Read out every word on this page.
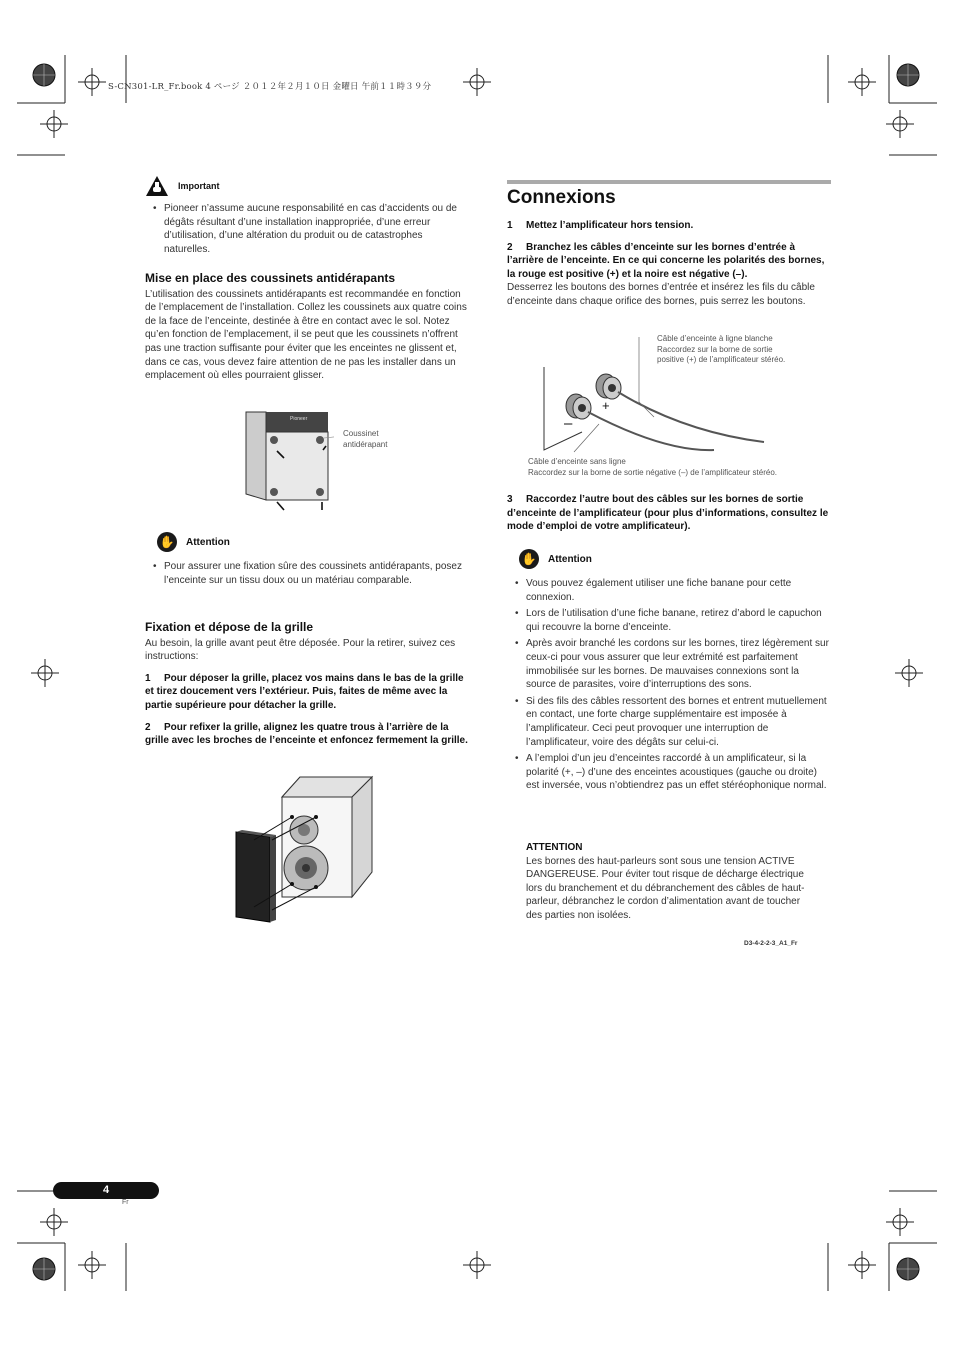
S-CN301-LR_Fr.book 4 ページ ２０１２年２月１０日 金曜日 午前１１時３９分
Important
• Pioneer n’assume aucune responsabilité en cas d’accidents ou de dégâts résultant d’une installation inappropriée, d’une erreur d’utilisation, d’une altération du produit ou de catastrophes naturelles.
Mise en place des coussinets antidérapants

L’utilisation des coussinets antidérapants est recommandée en fonction de l’emplacement de l’installation. Collez les coussinets aux quatre coins de la face de l’enceinte, destinée à être en contact avec le sol. Notez qu’en fonction de l’emplacement, il se peut que les coussinets n’offrent pas une traction suffisante pour éviter que les enceintes ne glissent et, dans ce cas, vous devez faire attention de ne pas les installer dans un emplacement où elles pourraient glisser.

Pioneer
Coussinet antidérapant
✋ Attention
• Pour assurer une fixation sûre des coussinets antidérapants, posez l’enceinte sur un tissu doux ou un matériau comparable.
Fixation et dépose de la grille

Au besoin, la grille avant peut être déposée. Pour la retirer, suivez ces instructions:

1 Pour déposer la grille, placez vos mains dans le bas de la grille et tirez doucement vers l’extérieur. Puis, faites de même avec la partie supérieure pour détacher la grille.

2 Pour refixer la grille, alignez les quatre trous à l’arrière de la grille avec les broches de l’enceinte et enfoncez fermement la grille.

Connexions

1 Mettez l’amplificateur hors tension.

2 Branchez les câbles d’enceinte sur les bornes d’entrée à l’arrière de l’enceinte. En ce qui concerne les polarités des bornes, la rouge est positive (+) et la noire est négative (–).

Desserrez les boutons des bornes d’entrée et insérez les fils du câble d’enceinte dans chaque orifice des bornes, puis serrez les boutons.

+
–
Câble d’enceinte à ligne blanche
Raccordez sur la borne de sortie
positive (+) de l’amplificateur stéréo.
Câble d’enceinte sans ligne
Raccordez sur la borne de sortie négative (–) de l’amplificateur stéréo.

3 Raccordez l’autre bout des câbles sur les bornes de sortie d’enceinte de l’amplificateur (pour plus d’informations, consultez le mode d’emploi de votre amplificateur).

✋ Attention
• Vous pouvez également utiliser une fiche banane pour cette connexion.
• Lors de l’utilisation d’une fiche banane, retirez d’abord le capuchon qui recouvre la borne d’enceinte.
• Après avoir branché les cordons sur les bornes, tirez légèrement sur ceux-ci pour vous assurer que leur extrémité est parfaitement immobilisée sur les bornes. De mauvaises connexions sont la source de parasites, voire d’interruptions des sons.
• Si des fils des câbles ressortent des bornes et entrent mutuellement en contact, une forte charge supplémentaire est imposée à l’amplificateur. Ceci peut provoquer une interruption de l’amplificateur, voire des dégâts sur celui-ci.
• A l’emploi d’un jeu d’enceintes raccordé à un amplificateur, si la polarité (+, –) d’une des enceintes acoustiques (gauche ou droite) est inversée, vous n’obtiendrez pas un effet stéréophonique normal.
ATTENTION

Les bornes des haut-parleurs sont sous une tension ACTIVE DANGEREUSE. Pour éviter tout risque de décharge électrique lors du branchement et du débranchement des câbles de haut-parleur, débranchez le cordon d’alimentation avant de toucher des parties non isolées.

D3-4-2-2-3_A1_Fr
4
Fr
